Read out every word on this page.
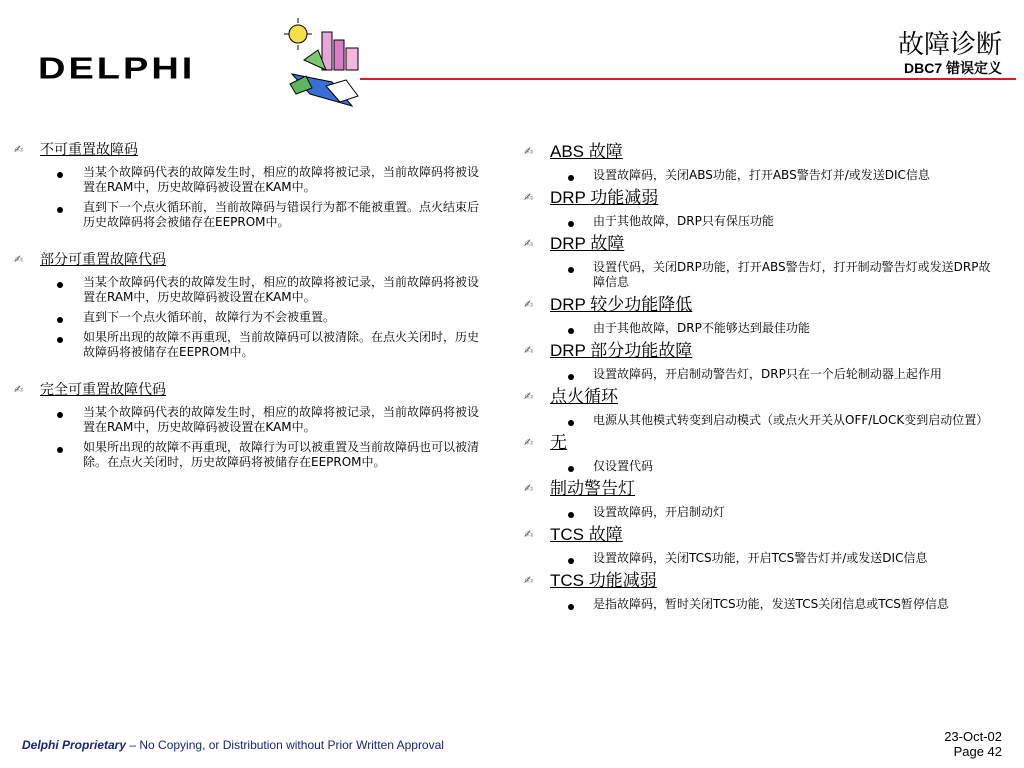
DELPHI
故障诊断
DBC7 错误定义
✍	不可重置故障码
当某个故障码代表的故障发生时，相应的故障将被记录，当前故障码将被设置在RAM中，历史故障码被设置在KAM中。
直到下一个点火循环前，当前故障码与错误行为都不能被重置。点火结束后历史故障码将会被储存在EEPROM中。
✍	部分可重置故障代码
当某个故障码代表的故障发生时，相应的故障将被记录，当前故障码将被设置在RAM中，历史故障码被设置在KAM中。
直到下一个点火循环前，故障行为不会被重置。
如果所出现的故障不再重现，当前故障码可以被清除。在点火关闭时，历史故障码将被储存在EEPROM中。
✍	完全可重置故障代码
当某个故障码代表的故障发生时，相应的故障将被记录，当前故障码将被设置在RAM中，历史故障码被设置在KAM中。
如果所出现的故障不再重现，故障行为可以被重置及当前故障码也可以被清除。在点火关闭时，历史故障码将被储存在EEPROM中。
✍ ABS 故障
设置故障码，关闭ABS功能，打开ABS警告灯并/或发送DIC信息
✍ DRP 功能减弱
由于其他故障，DRP只有保压功能
✍ DRP 故障
设置代码，关闭DRP功能，打开ABS警告灯，打开制动警告灯或发送DRP故障信息
✍ DRP 较少功能降低
由于其他故障，DRP不能够达到最佳功能
✍ DRP 部分功能故障
设置故障码，开启制动警告灯，DRP只在一个后轮制动器上起作用
✍ 点火循环
电源从其他模式转变到启动模式（或点火开关从OFF/LOCK变到启动位置）
✍ 无
仅设置代码
✍ 制动警告灯
设置故障码，开启制动灯
✍ TCS 故障
设置故障码，关闭TCS功能，开启TCS警告灯并/或发送DIC信息
✍ TCS 功能减弱
是指故障码，暂时关闭TCS功能，发送TCS关闭信息或TCS暂停信息
Delphi Proprietary – No Copying, or Distribution without Prior Written Approval
23-Oct-02
Page 42
